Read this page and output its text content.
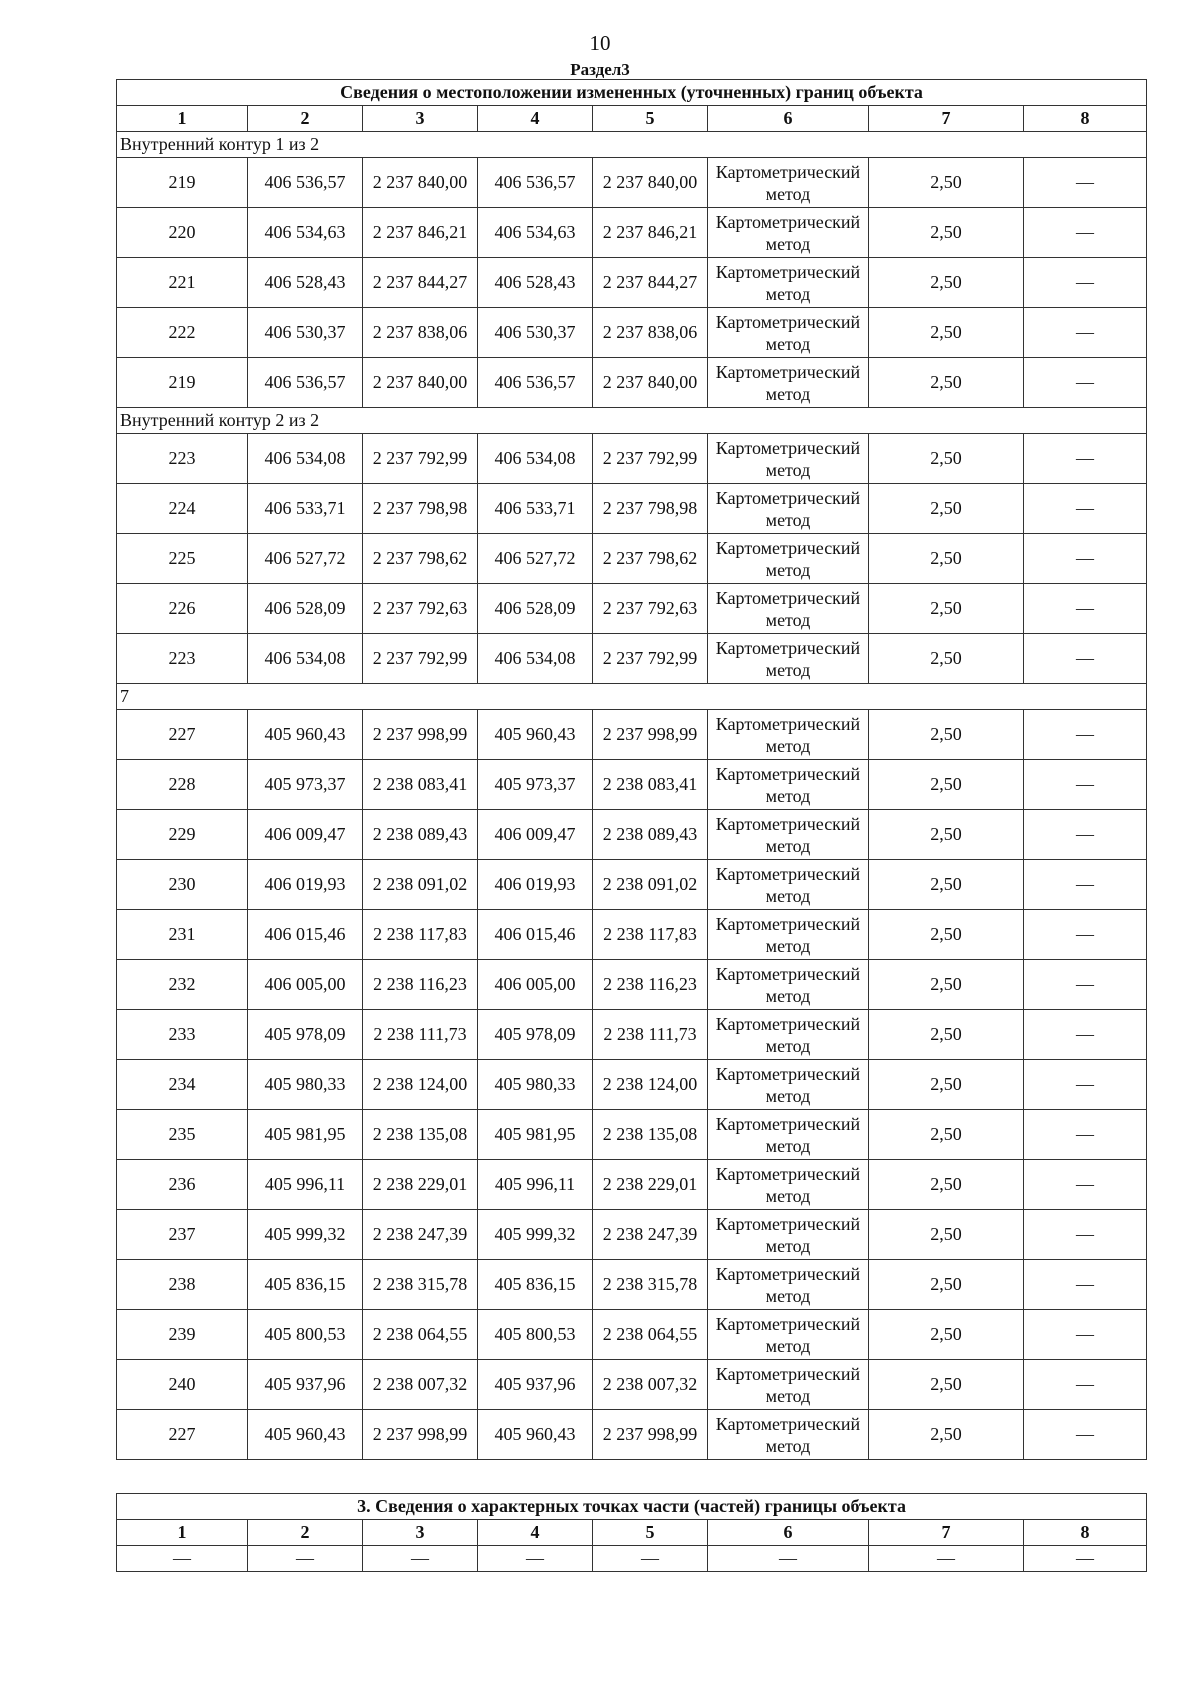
10
Раздел3
Сведения о местоположении измененных (уточненных) границ объекта							
1	2	3	4	5	6	7	8
Внутренний контур 1 из 2							
219	406 536,57	2 237 840,00	406 536,57	2 237 840,00	Картометрический метод	2,50	—
220	406 534,63	2 237 846,21	406 534,63	2 237 846,21	Картометрический метод	2,50	—
221	406 528,43	2 237 844,27	406 528,43	2 237 844,27	Картометрический метод	2,50	—
222	406 530,37	2 237 838,06	406 530,37	2 237 838,06	Картометрический метод	2,50	—
219	406 536,57	2 237 840,00	406 536,57	2 237 840,00	Картометрический метод	2,50	—
Внутренний контур 2 из 2							
223	406 534,08	2 237 792,99	406 534,08	2 237 792,99	Картометрический метод	2,50	—
224	406 533,71	2 237 798,98	406 533,71	2 237 798,98	Картометрический метод	2,50	—
225	406 527,72	2 237 798,62	406 527,72	2 237 798,62	Картометрический метод	2,50	—
226	406 528,09	2 237 792,63	406 528,09	2 237 792,63	Картометрический метод	2,50	—
223	406 534,08	2 237 792,99	406 534,08	2 237 792,99	Картометрический метод	2,50	—
7							
227	405 960,43	2 237 998,99	405 960,43	2 237 998,99	Картометрический метод	2,50	—
228	405 973,37	2 238 083,41	405 973,37	2 238 083,41	Картометрический метод	2,50	—
229	406 009,47	2 238 089,43	406 009,47	2 238 089,43	Картометрический метод	2,50	—
230	406 019,93	2 238 091,02	406 019,93	2 238 091,02	Картометрический метод	2,50	—
231	406 015,46	2 238 117,83	406 015,46	2 238 117,83	Картометрический метод	2,50	—
232	406 005,00	2 238 116,23	406 005,00	2 238 116,23	Картометрический метод	2,50	—
233	405 978,09	2 238 111,73	405 978,09	2 238 111,73	Картометрический метод	2,50	—
234	405 980,33	2 238 124,00	405 980,33	2 238 124,00	Картометрический метод	2,50	—
235	405 981,95	2 238 135,08	405 981,95	2 238 135,08	Картометрический метод	2,50	—
236	405 996,11	2 238 229,01	405 996,11	2 238 229,01	Картометрический метод	2,50	—
237	405 999,32	2 238 247,39	405 999,32	2 238 247,39	Картометрический метод	2,50	—
238	405 836,15	2 238 315,78	405 836,15	2 238 315,78	Картометрический метод	2,50	—
239	405 800,53	2 238 064,55	405 800,53	2 238 064,55	Картометрический метод	2,50	—
240	405 937,96	2 238 007,32	405 937,96	2 238 007,32	Картометрический метод	2,50	—
227	405 960,43	2 237 998,99	405 960,43	2 237 998,99	Картометрический метод	2,50	—
3. Сведения о характерных точках части (частей) границы объекта							
1	2	3	4	5	6	7	8
—	—	—	—	—	—	—	—
